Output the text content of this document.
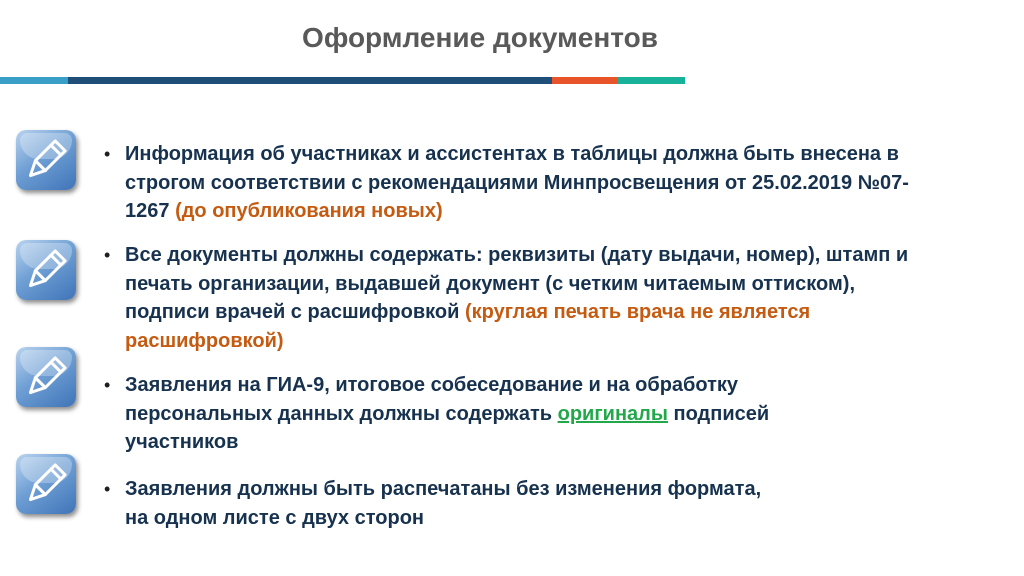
Оформление документов
• Информация об участниках и ассистентах в таблицы должна быть внесена в строгом соответствии с рекомендациями Минпросвещения от 25.02.2019 №07-1267 (до опубликования новых)
• Все документы должны содержать: реквизиты (дату выдачи, номер), штамп и печать организации, выдавшей документ (с четким читаемым оттиском), подписи врачей с расшифровкой (круглая печать врача не является расшифровкой)
• Заявления на ГИА-9, итоговое собеседование и на обработку персональных данных должны содержать оригиналы подписей участников
• Заявления должны быть распечатаны без изменения формата,
на одном листе с двух сторон
